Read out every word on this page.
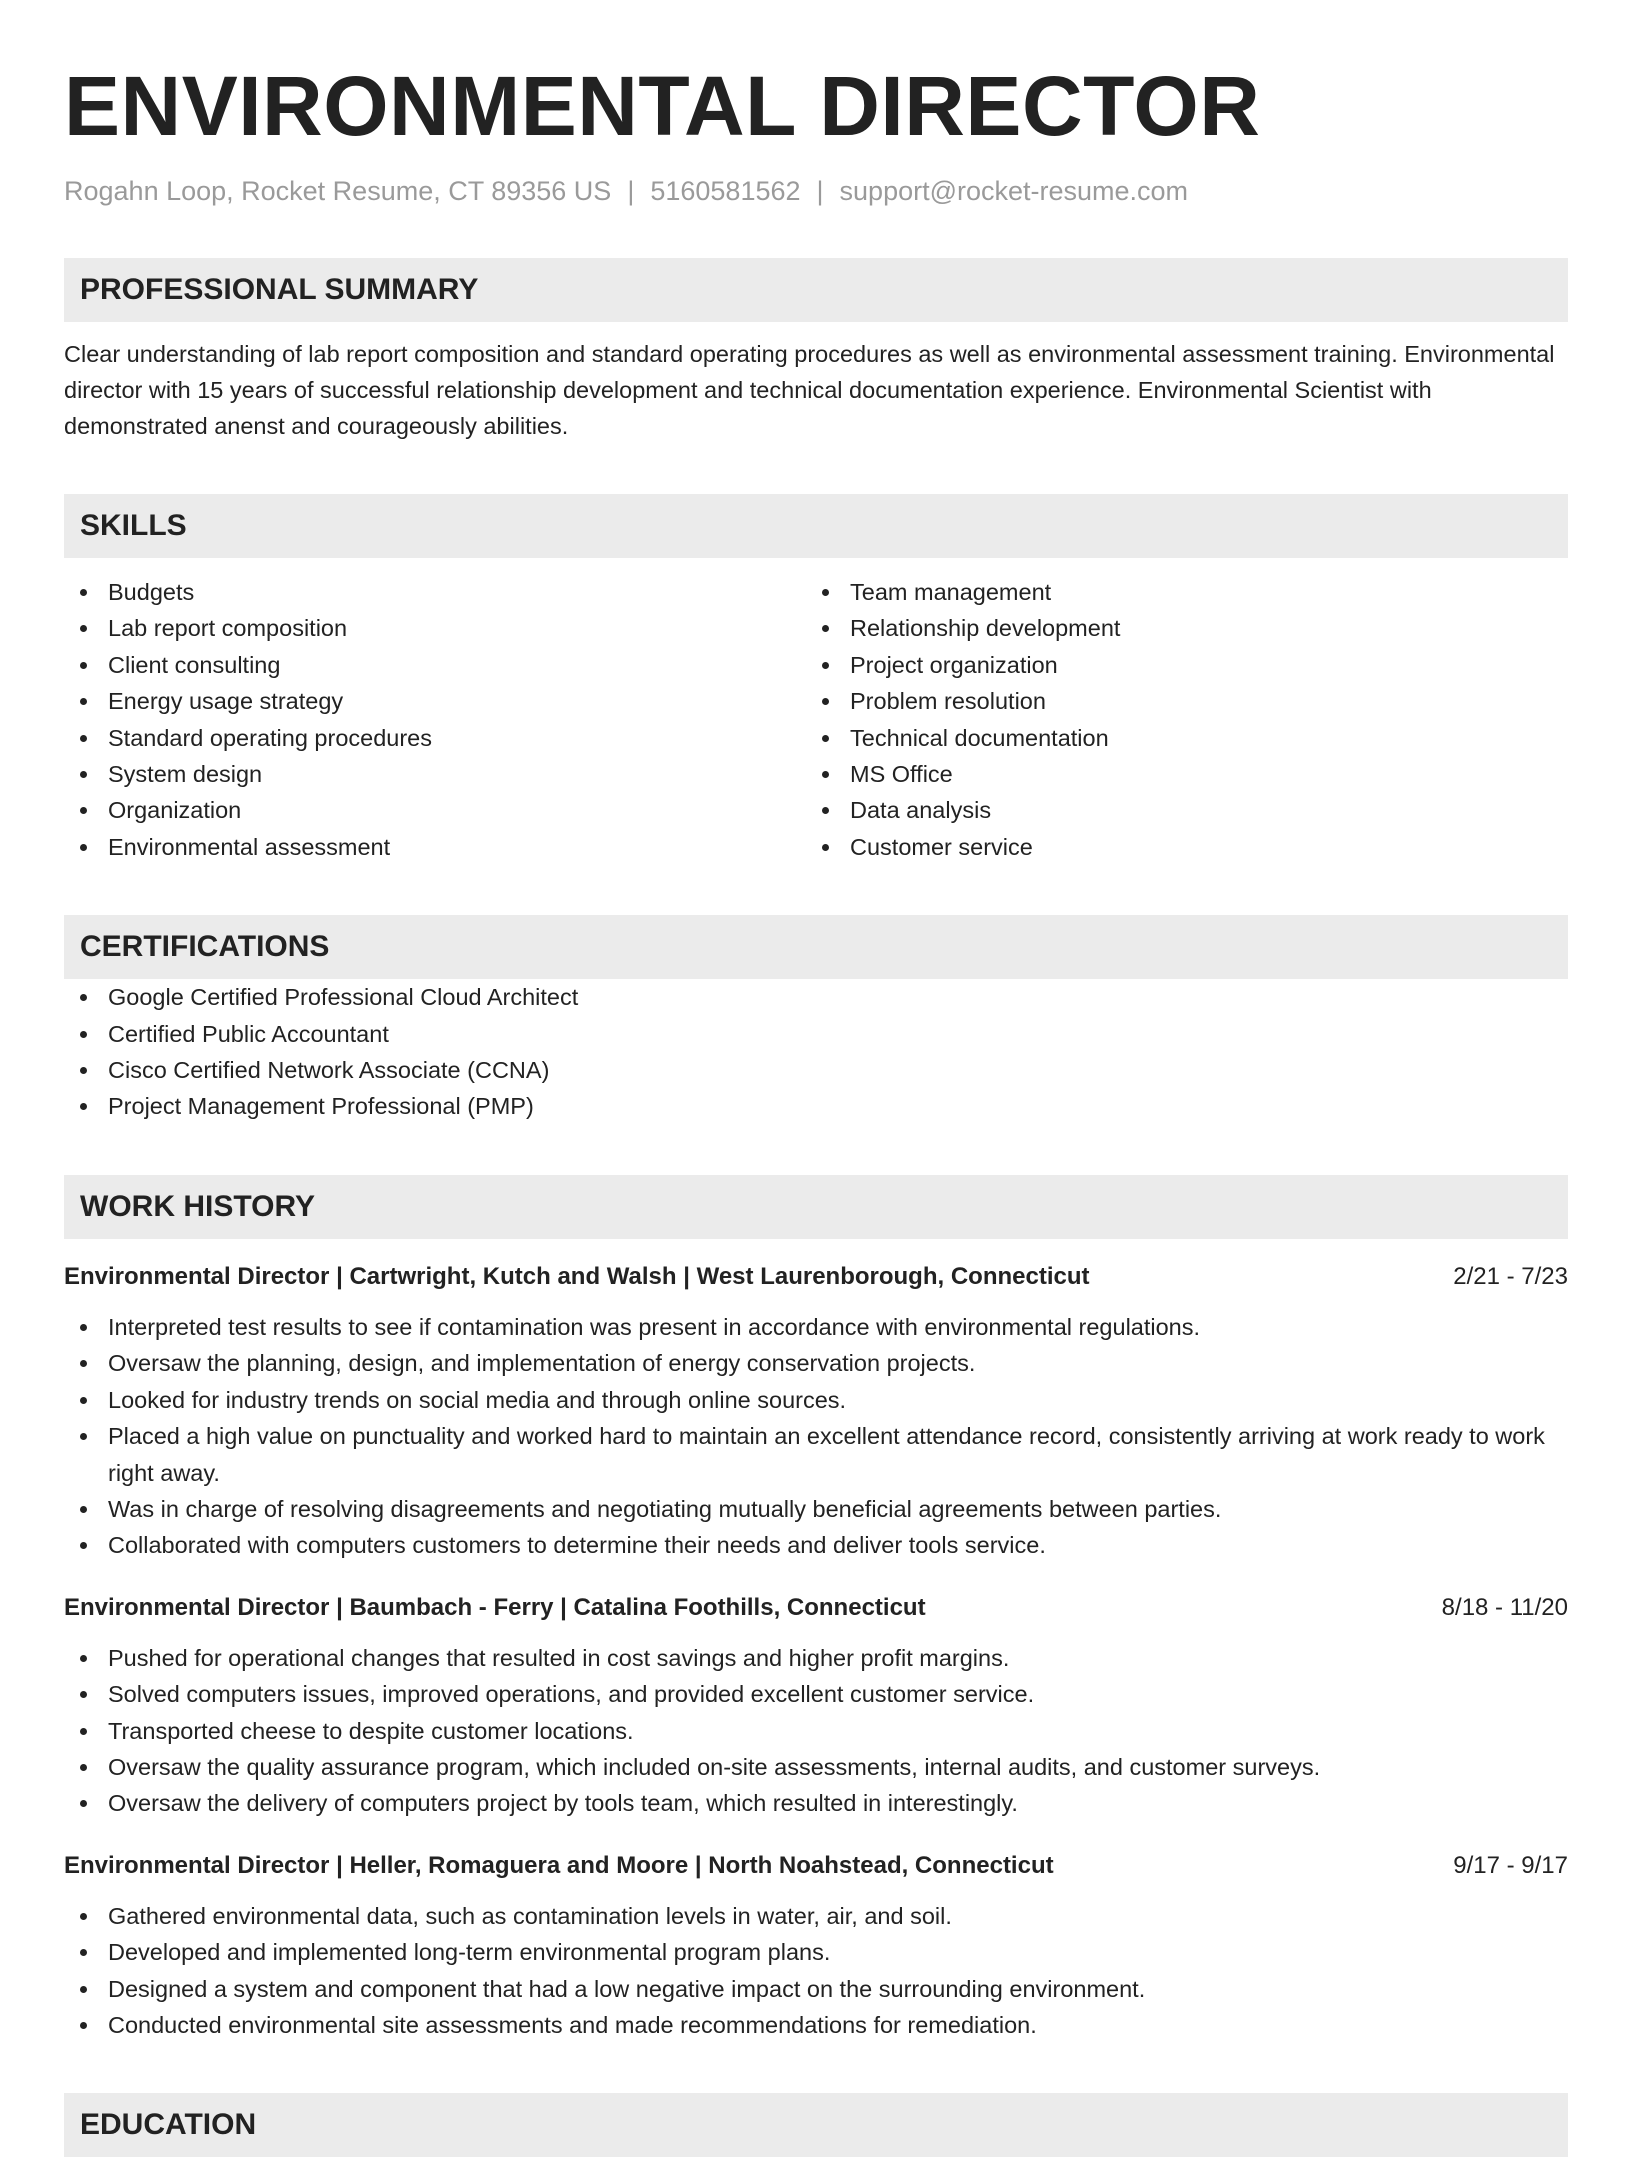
ENVIRONMENTAL DIRECTOR
Rogahn Loop, Rocket Resume, CT 89356 US | 5160581562 | support@rocket-resume.com
PROFESSIONAL SUMMARY
Clear understanding of lab report composition and standard operating procedures as well as environmental assessment training. Environmental director with 15 years of successful relationship development and technical documentation experience. Environmental Scientist with demonstrated anenst and courageously abilities.
SKILLS
Budgets
Lab report composition
Client consulting
Energy usage strategy
Standard operating procedures
System design
Organization
Environmental assessment
Team management
Relationship development
Project organization
Problem resolution
Technical documentation
MS Office
Data analysis
Customer service
CERTIFICATIONS
Google Certified Professional Cloud Architect
Certified Public Accountant
Cisco Certified Network Associate (CCNA)
Project Management Professional (PMP)
WORK HISTORY
Environmental Director | Cartwright, Kutch and Walsh | West Laurenborough, Connecticut	2/21 - 7/23
Interpreted test results to see if contamination was present in accordance with environmental regulations.
Oversaw the planning, design, and implementation of energy conservation projects.
Looked for industry trends on social media and through online sources.
Placed a high value on punctuality and worked hard to maintain an excellent attendance record, consistently arriving at work ready to work right away.
Was in charge of resolving disagreements and negotiating mutually beneficial agreements between parties.
Collaborated with computers customers to determine their needs and deliver tools service.
Environmental Director | Baumbach - Ferry | Catalina Foothills, Connecticut	8/18 - 11/20
Pushed for operational changes that resulted in cost savings and higher profit margins.
Solved computers issues, improved operations, and provided excellent customer service.
Transported cheese to despite customer locations.
Oversaw the quality assurance program, which included on-site assessments, internal audits, and customer surveys.
Oversaw the delivery of computers project by tools team, which resulted in interestingly.
Environmental Director | Heller, Romaguera and Moore | North Noahstead, Connecticut	9/17 - 9/17
Gathered environmental data, such as contamination levels in water, air, and soil.
Developed and implemented long-term environmental program plans.
Designed a system and component that had a low negative impact on the surrounding environment.
Conducted environmental site assessments and made recommendations for remediation.
EDUCATION
